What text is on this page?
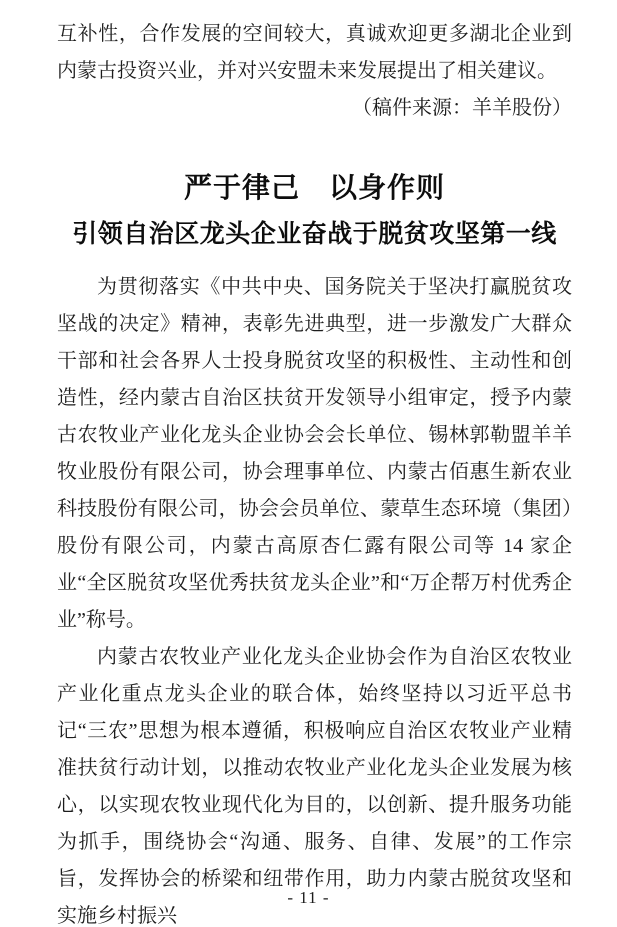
互补性，合作发展的空间较大，真诚欢迎更多湖北企业到内蒙古投资兴业，并对兴安盟未来发展提出了相关建议。

（稿件来源：羊羊股份）

严于律己　以身作则
引领自治区龙头企业奋战于脱贫攻坚第一线

为贯彻落实《中共中央、国务院关于坚决打赢脱贫攻坚战的决定》精神，表彰先进典型，进一步激发广大群众干部和社会各界人士投身脱贫攻坚的积极性、主动性和创造性，经内蒙古自治区扶贫开发领导小组审定，授予内蒙古农牧业产业化龙头企业协会会长单位、锡林郭勒盟羊羊牧业股份有限公司，协会理事单位、内蒙古佰惠生新农业科技股份有限公司，协会会员单位、蒙草生态环境（集团）股份有限公司，内蒙古高原杏仁露有限公司等 14 家企业“全区脱贫攻坚优秀扶贫龙头企业”和“万企帮万村优秀企业”称号。

内蒙古农牧业产业化龙头企业协会作为自治区农牧业产业化重点龙头企业的联合体，始终坚持以习近平总书记“三农”思想为根本遵循，积极响应自治区农牧业产业精准扶贫行动计划，以推动农牧业产业化龙头企业发展为核心，以实现农牧业现代化为目的，以创新、提升服务功能为抓手，围绕协会“沟通、服务、自律、发展”的工作宗旨，发挥协会的桥梁和纽带作用，助力内蒙古脱贫攻坚和实施乡村振兴

- 11 -
